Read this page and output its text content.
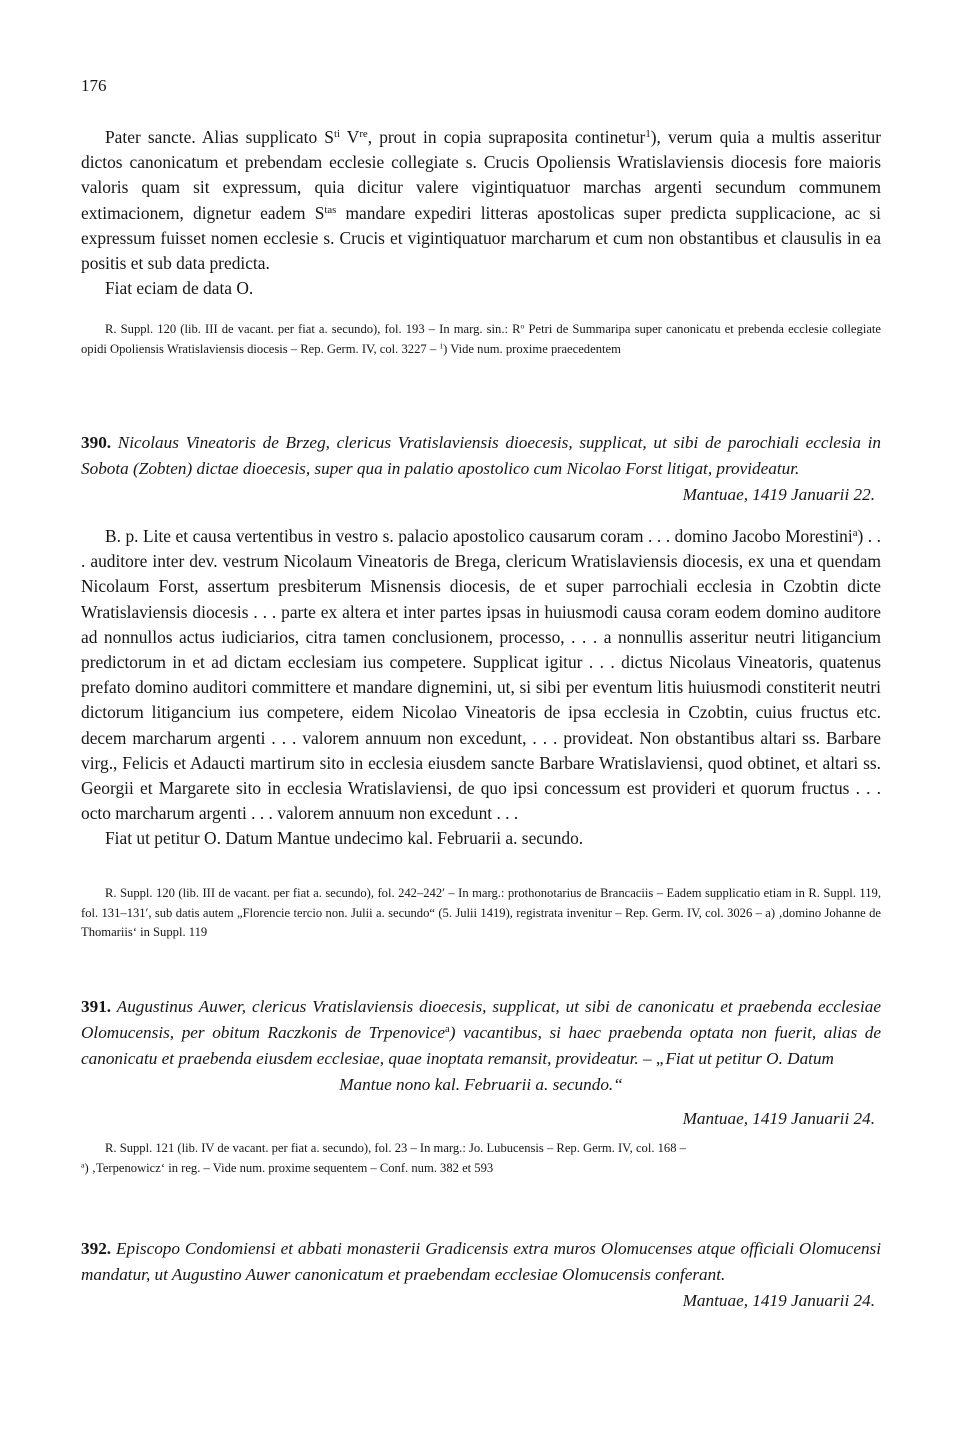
176

Pater sancte. Alias supplicato $S^{ti}$ Vre, prout in copia supraposita continetur$^1$), verum quia a multis asseritur dictos canonicatum et prebendam ecclesie collegiate s. Crucis Opoliensis Wratislaviensis diocesis fore maioris valoris quam sit expressum, quia dicitur valere vigintiquatuor marchas argenti secundum communem extimacionem, dignetur eadem $S^{tas}$ mandare expediri litteras apostolicas super predicta supplicacione, ac si expressum fuisset nomen ecclesie s. Crucis et vigintiquatuor marcharum et cum non obstantibus et clausulis in ea positis et sub data predicta.

Fiat eciam de data O.

R. Suppl. 120 (lib. III de vacant. per fiat a. secundo), fol. 193 – In marg. sin.: $R^o$ Petri de Summaripa super canonicatu et prebenda ecclesie collegiate opidi Opoliensis Wratislaviensis diocesis – Rep. Germ. IV, col. 3227 – $^1$) Vide num. proxime praecedentem

390. Nicolaus Vineatoris de Brzeg, clericus Vratislaviensis dioecesis, supplicat, ut sibi de parochiali ecclesia in Sobota (Zobten) dictae dioecesis, super qua in palatio apostolico cum Nicolao Forst litigat, provideatur.

Mantuae, 1419 Januarii 22.

B. p. Lite et causa vertentibus in vestro s. palacio apostolico causarum coram . . . domino Jacobo Morestini$^a$) . . . auditore inter dev. vestrum Nicolaum Vineatoris de Brega, clericum Wratislaviensis diocesis, ex una et quendam Nicolaum Forst, assertum presbiterum Misnensis diocesis, de et super parrochiali ecclesia in Czobtin dicte Wratislaviensis diocesis . . . parte ex altera et inter partes ipsas in huiusmodi causa coram eodem domino auditore ad nonnullos actus iudiciarios, citra tamen conclusionem, processo, . . . a nonnullis asseritur neutri litigancium predictorum in et ad dictam ecclesiam ius competere. Supplicat igitur . . . dictus Nicolaus Vineatoris, quatenus prefato domino auditori committere et mandare dignemini, ut, si sibi per eventum litis huiusmodi constiterit neutri dictorum litigancium ius competere, eidem Nicolao Vineatoris de ipsa ecclesia in Czobtin, cuius fructus etc. decem marcharum argenti . . . valorem annuum non excedunt, . . . provideat. Non obstantibus altari ss. Barbare virg., Felicis et Adaucti martirum sito in ecclesia eiusdem sancte Barbare Wratislaviensi, quod obtinet, et altari ss. Georgii et Margarete sito in ecclesia Wratislaviensi, de quo ipsi concessum est provideri et quorum fructus . . . octo marcharum argenti . . . valorem annuum non excedunt . . .

Fiat ut petitur O. Datum Mantue undecimo kal. Februarii a. secundo.

R. Suppl. 120 (lib. III de vacant. per fiat a. secundo), fol. 242–242′ – In marg.: prothonotarius de Brancaciis – Eadem supplicatio etiam in R. Suppl. 119, fol. 131–131′, sub datis autem „Florencie tercio non. Julii a. secundo“ (5. Julii 1419), registrata invenitur – Rep. Germ. IV, col. 3026 – a) ‚domino Johanne de Thomariis‘ in Suppl. 119

391. Augustinus Auwer, clericus Vratislaviensis dioecesis, supplicat, ut sibi de canonicatu et praebenda ecclesiae Olomucensis, per obitum Raczkonis de Trpenovice$^a$) vacantibus, si haec praebenda optata non fuerit, alias de canonicatu et praebenda eiusdem ecclesiae, quae inoptata remansit, provideatur. – „Fiat ut petitur O. Datum

Mantue nono kal. Februarii a. secundo.“

Mantuae, 1419 Januarii 24.

R. Suppl. 121 (lib. IV de vacant. per fiat a. secundo), fol. 23 – In marg.: Jo. Lubucensis – Rep. Germ. IV, col. 168 –
$^a$) ‚Terpenowicz‘ in reg. – Vide num. proxime sequentem – Conf. num. 382 et 593

392. Episcopo Condomiensi et abbati monasterii Gradicensis extra muros Olomucenses atque officiali Olomucensi mandatur, ut Augustino Auwer canonicatum et praebendam ecclesiae Olomucensis conferant.

Mantuae, 1419 Januarii 24.
